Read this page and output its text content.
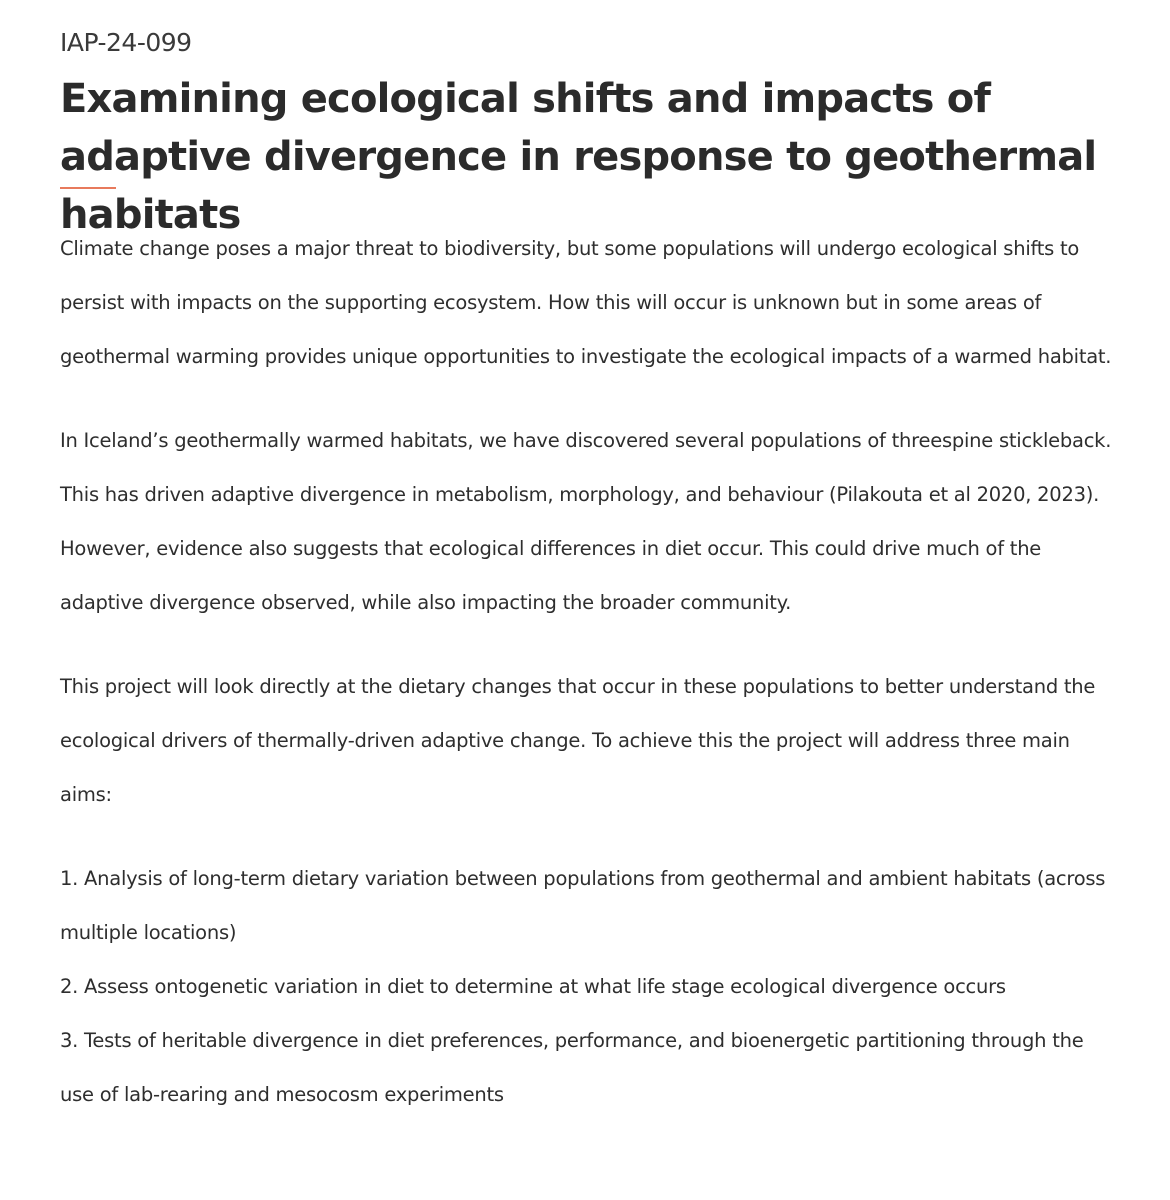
IAP-24-099
Examining ecological shifts and impacts of adaptive divergence in response to geothermal habitats

Climate change poses a major threat to biodiversity, but some populations will undergo ecological shifts to persist with impacts on the supporting ecosystem. How this will occur is unknown but in some areas of geothermal warming provides unique opportunities to investigate the ecological impacts of a warmed habitat.

In Iceland’s geothermally warmed habitats, we have discovered several populations of threespine stickleback. This has driven adaptive divergence in metabolism, morphology, and behaviour (Pilakouta et al 2020, 2023). However, evidence also suggests that ecological differences in diet occur. This could drive much of the adaptive divergence observed, while also impacting the broader community.

This project will look directly at the dietary changes that occur in these populations to better understand the ecological drivers of thermally-driven adaptive change. To achieve this the project will address three main aims:

1. Analysis of long-term dietary variation between populations from geothermal and ambient habitats (across multiple locations)
2. Assess ontogenetic variation in diet to determine at what life stage ecological divergence occurs
3. Tests of heritable divergence in diet preferences, performance, and bioenergetic partitioning through the use of lab-rearing and mesocosm experiments
